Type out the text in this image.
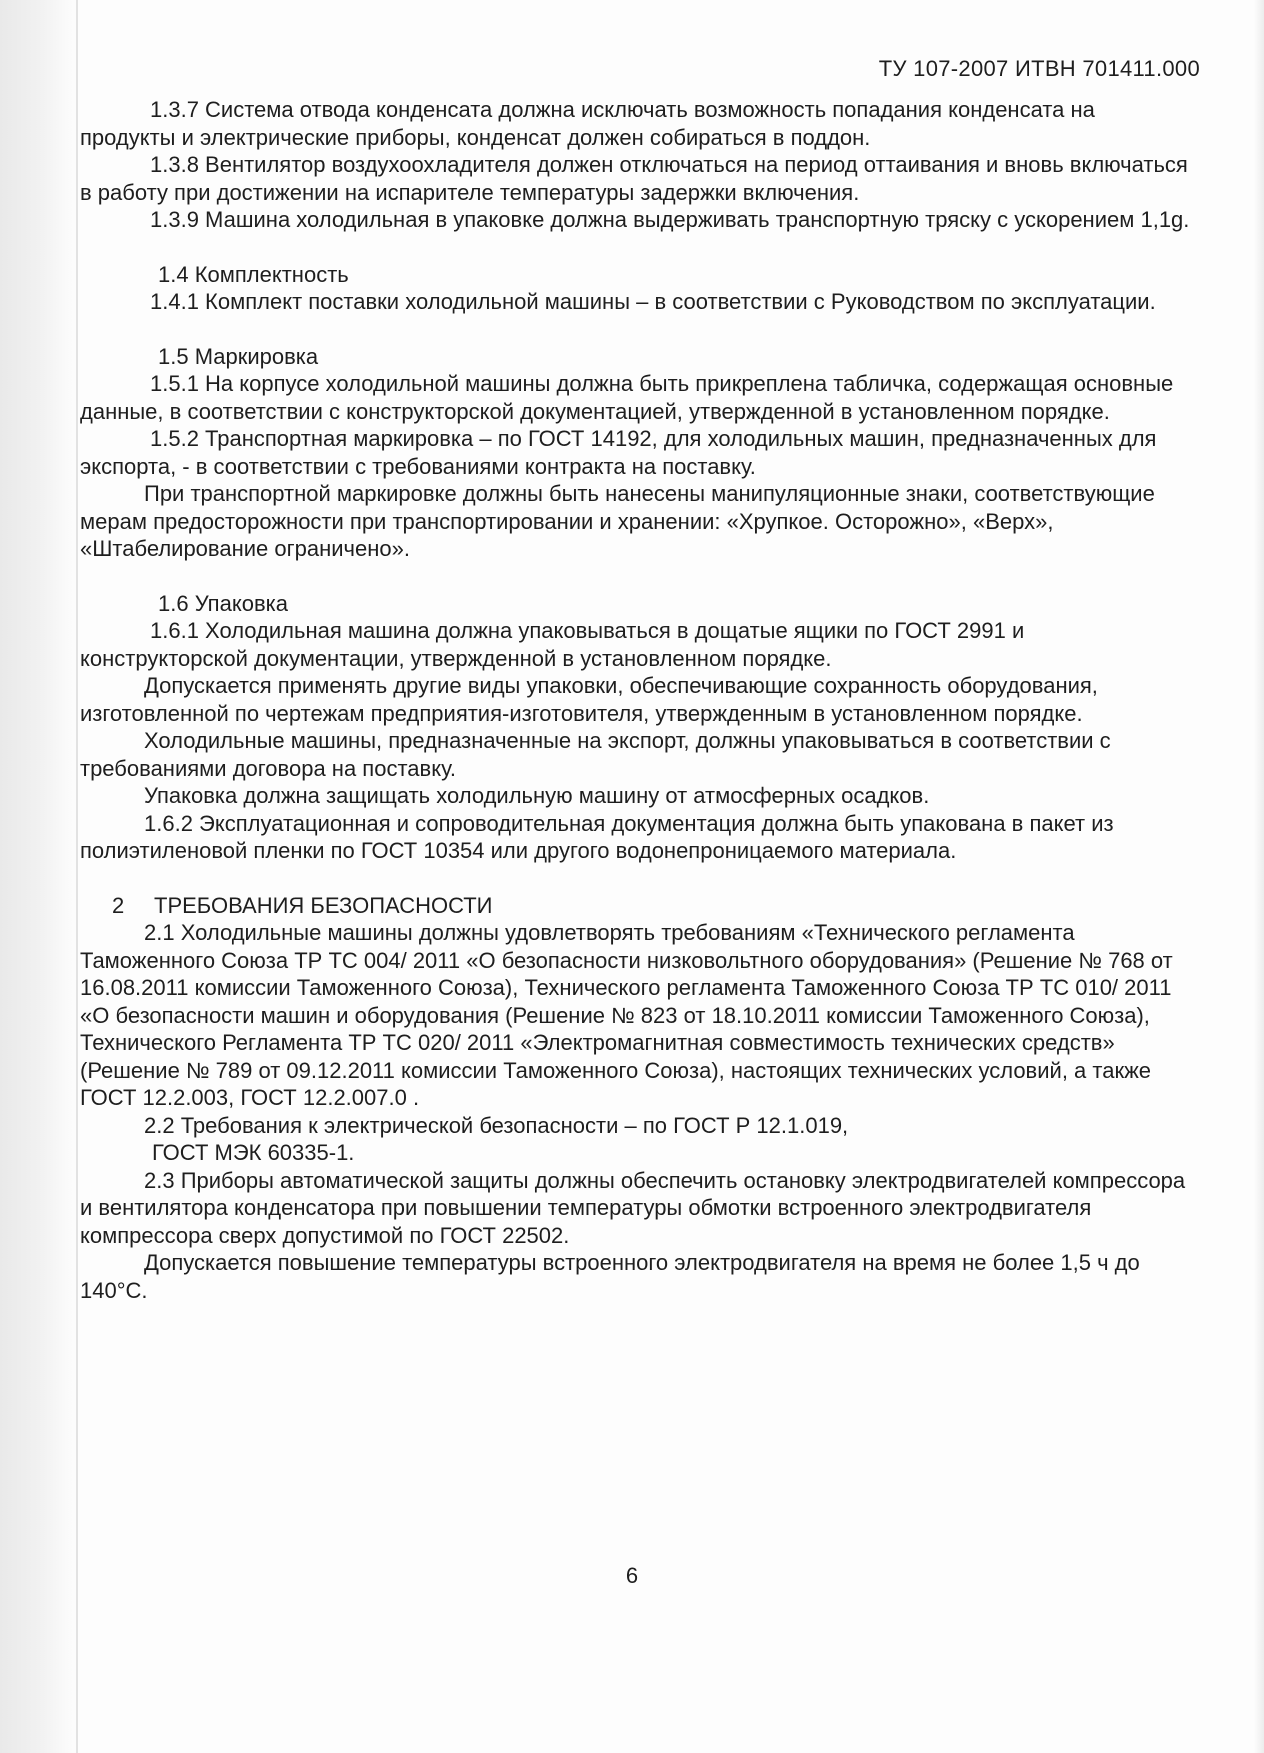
ТУ 107-2007 ИТВН 701411.000

1.3.7 Система отвода конденсата должна исключать возможность попадания конденсата на продукты и электрические приборы, конденсат должен собираться в поддон.

1.3.8 Вентилятор воздухоохладителя должен отключаться на период оттаивания и вновь включаться в работу при достижении на испарителе температуры задержки включения.

1.3.9 Машина холодильная в упаковке должна выдерживать транспортную тряску с ускорением 1,1g.

1.4 Комплектность

1.4.1 Комплект поставки холодильной машины – в соответствии с Руководством по эксплуатации.

1.5 Маркировка

1.5.1 На корпусе холодильной машины должна быть прикреплена табличка, содержащая основные данные, в соответствии с конструкторской документацией, утвержденной в установленном порядке.

1.5.2 Транспортная маркировка – по ГОСТ 14192, для холодильных машин, предназначенных для экспорта, - в соответствии с требованиями контракта на поставку.

При транспортной маркировке должны быть нанесены манипуляционные знаки, соответствующие мерам предосторожности при транспортировании и хранении: «Хрупкое. Осторожно», «Верх», «Штабелирование ограничено».

1.6 Упаковка

1.6.1 Холодильная машина должна упаковываться в дощатые ящики по ГОСТ 2991 и конструкторской документации, утвержденной в установленном порядке.

Допускается применять другие виды упаковки, обеспечивающие сохранность оборудования, изготовленной по чертежам предприятия-изготовителя, утвержденным в установленном порядке.

Холодильные машины, предназначенные на экспорт, должны упаковываться в соответствии с требованиями договора на поставку.

Упаковка должна защищать холодильную машину от атмосферных осадков.

1.6.2 Эксплуатационная и сопроводительная документация должна быть упакована в пакет из полиэтиленовой пленки по ГОСТ 10354 или другого водонепроницаемого материала.

2 ТРЕБОВАНИЯ БЕЗОПАСНОСТИ

2.1 Холодильные машины должны удовлетворять требованиям «Технического регламента Таможенного Союза ТР ТС 004/ 2011 «О безопасности низковольтного оборудования» (Решение № 768 от 16.08.2011 комиссии Таможенного Союза), Технического регламента Таможенного Союза ТР ТС 010/ 2011 «О безопасности машин и оборудования (Решение № 823 от 18.10.2011 комиссии Таможенного Союза), Технического Регламента ТР ТС 020/ 2011 «Электромагнитная совместимость технических средств» (Решение № 789 от 09.12.2011 комиссии Таможенного Союза), настоящих технических условий, а также ГОСТ 12.2.003, ГОСТ 12.2.007.0 .

2.2 Требования к электрической безопасности – по ГОСТ Р 12.1.019,

ГОСТ МЭК 60335-1.

2.3 Приборы автоматической защиты должны обеспечить остановку электродвигателей компрессора и вентилятора конденсатора при повышении температуры обмотки встроенного электродвигателя компрессора сверх допустимой по ГОСТ 22502.

Допускается повышение температуры встроенного электродвигателя на время не более 1,5 ч до 140°С.

6
